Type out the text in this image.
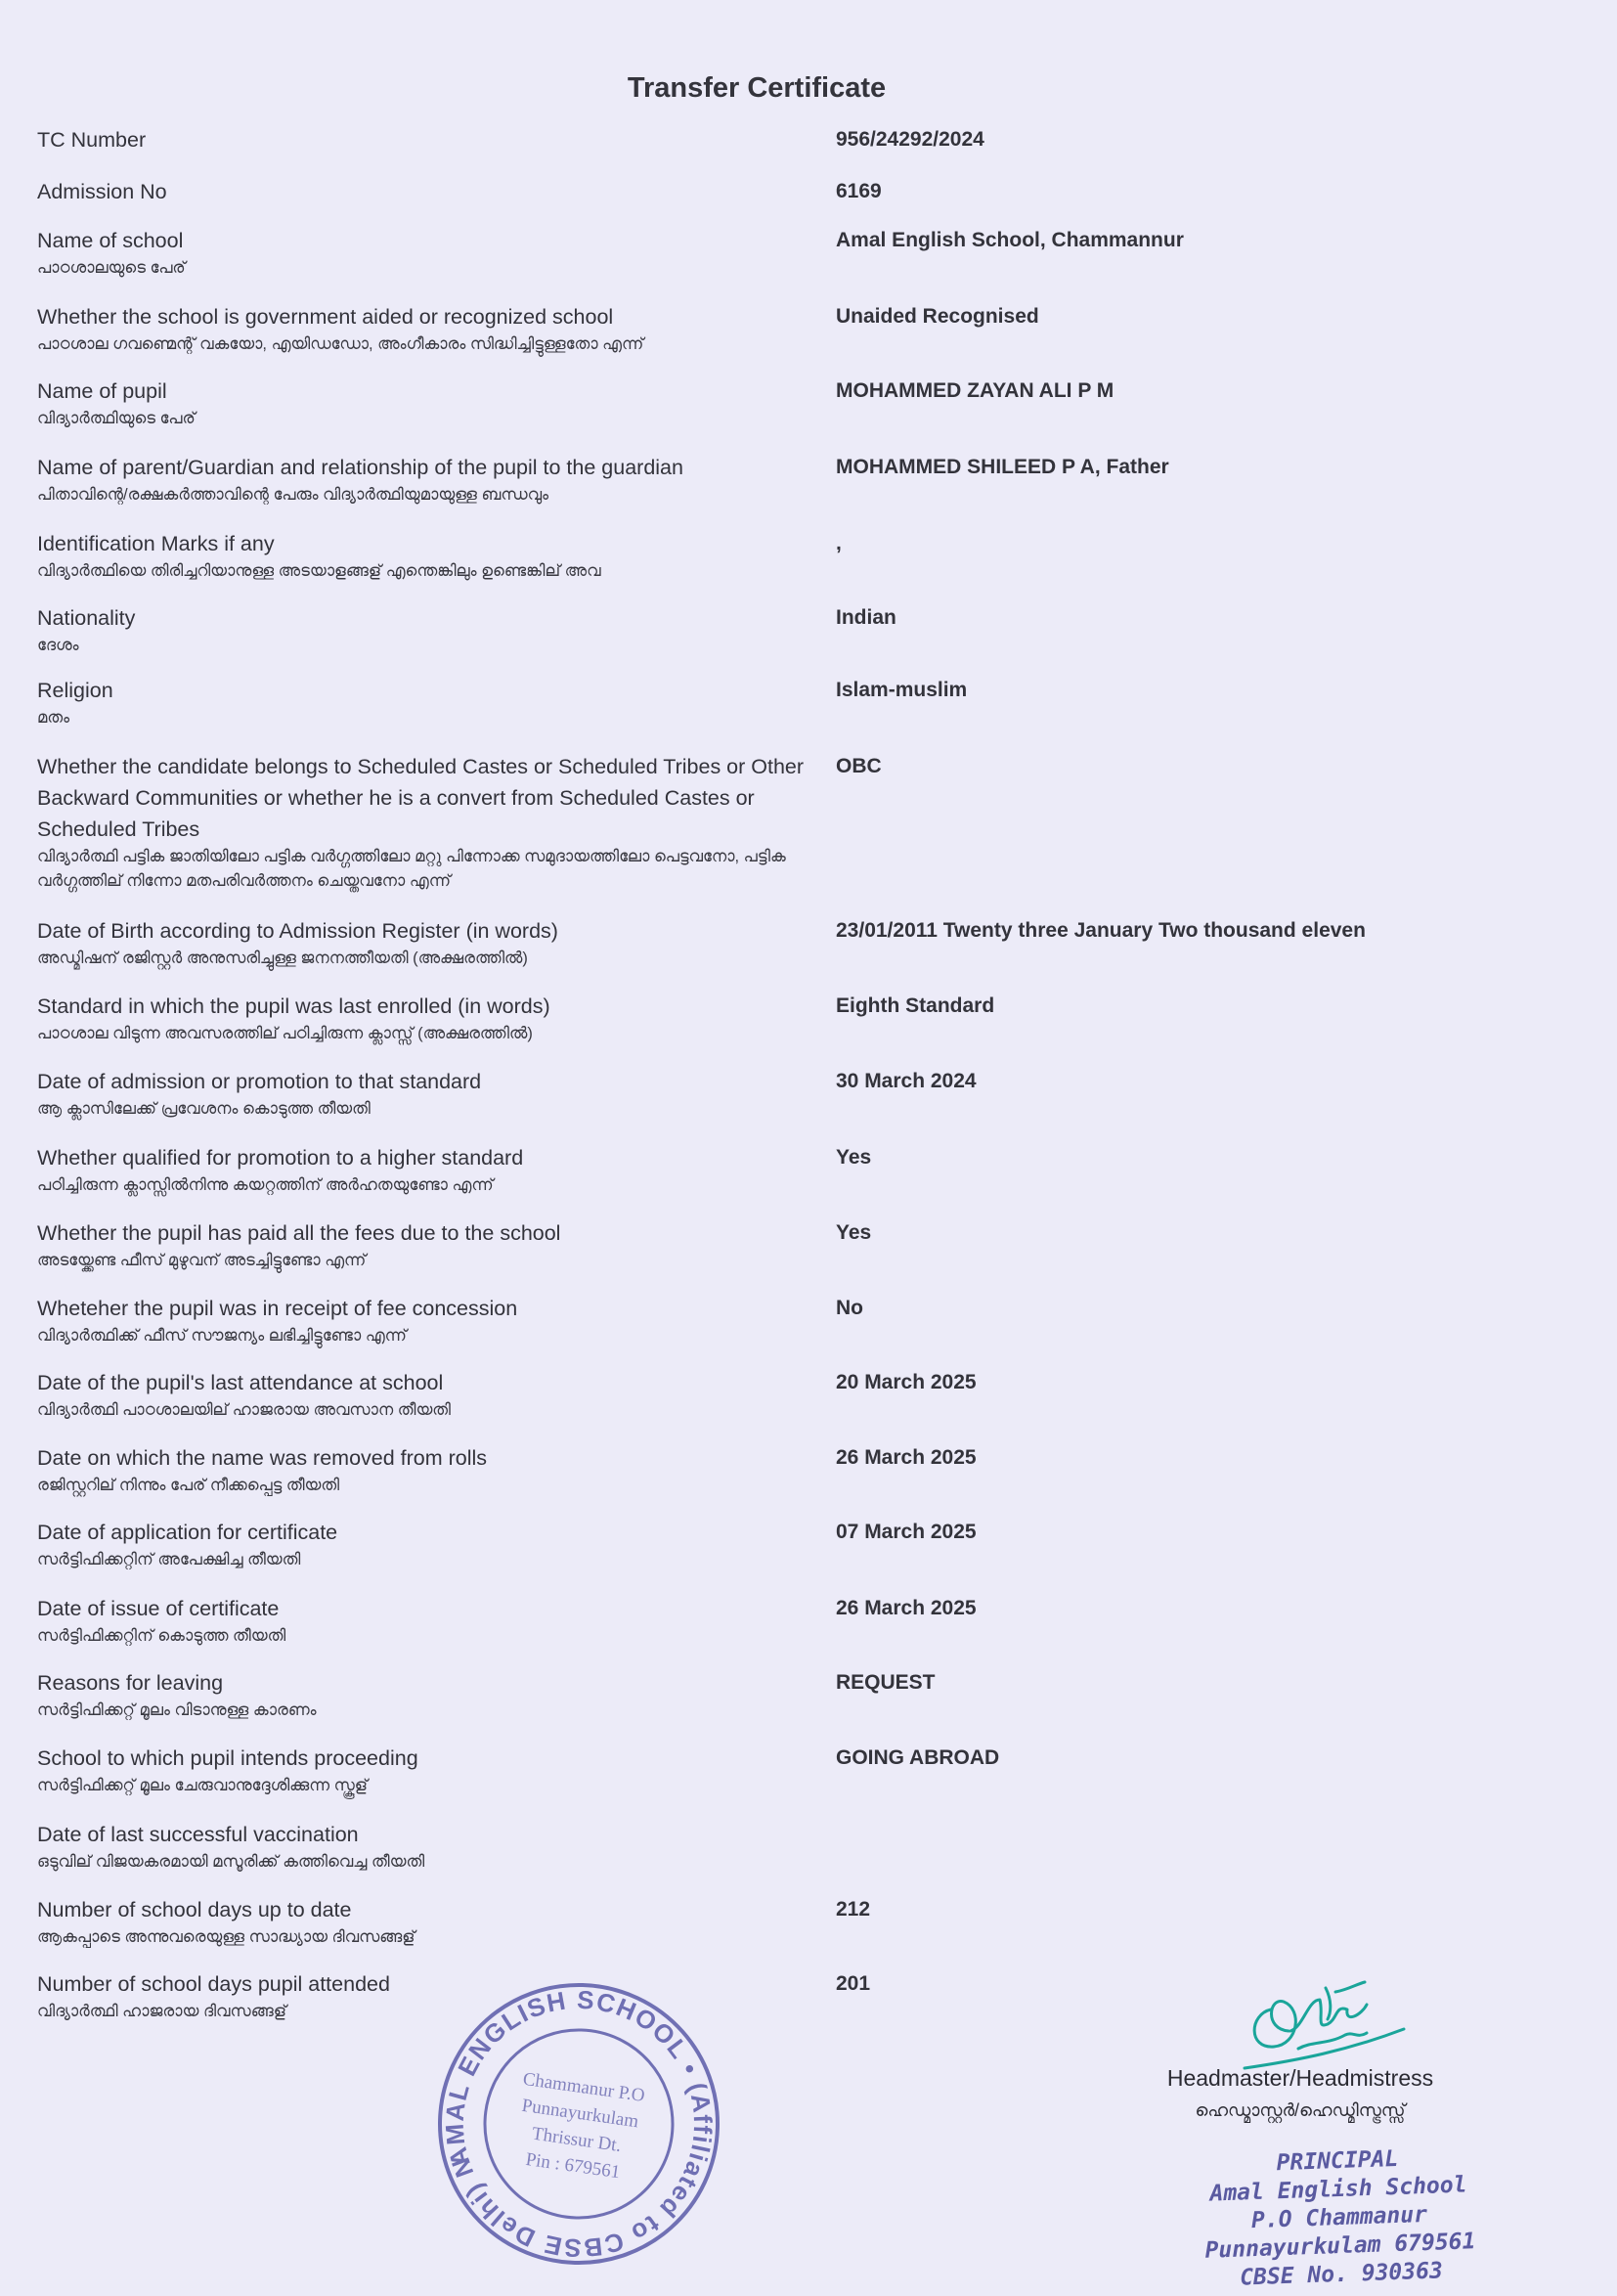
Transfer Certificate
TC Number	956/24292/2024
Admission No	6169
Name of school
പാഠശാലയുടെ പേര്
Amal English School, Chammannur
Whether the school is government aided or recognized school
പാഠശാല ഗവണ്മെന്റ് വകയോ, എയിഡഡോ, അംഗീകാരം സിദ്ധിച്ചിട്ടുള്ളതോ എന്ന്
Unaided Recognised
Name of pupil
വിദ്യാർത്ഥിയുടെ പേര്
MOHAMMED ZAYAN ALI P M
Name of parent/Guardian and relationship of the pupil to the guardian
പിതാവിന്റെ/രക്ഷകർത്താവിന്റെ പേരും വിദ്യാർത്ഥിയുമായുള്ള ബന്ധവും
MOHAMMED SHILEED P A, Father
Identification Marks if any
വിദ്യാർത്ഥിയെ തിരിച്ചറിയാനുള്ള അടയാളങ്ങള് എന്തെങ്കിലും ഉണ്ടെങ്കില് അവ
,
Nationality
ദേശം
Indian
Religion
മതം
Islam-muslim
Whether the candidate belongs to Scheduled Castes or Scheduled Tribes or Other Backward Communities or whether he is a convert from Scheduled Castes or Scheduled Tribes
വിദ്യാർത്ഥി പട്ടിക ജാതിയിലോ പട്ടിക വർഗ്ഗത്തിലോ മറ്റു പിന്നോക്ക സമുദായത്തിലോ പെട്ടവനോ, പട്ടിക വർഗ്ഗത്തില് നിന്നോ മതപരിവർത്തനം ചെയ്തവനോ എന്ന്
OBC
Date of Birth according to Admission Register (in words)
അഡ്മിഷന് രജിസ്റ്റർ അനുസരിച്ചുള്ള ജനനത്തീയതി (അക്ഷരത്തിൽ)
23/01/2011 Twenty three January Two thousand eleven
Standard in which the pupil was last enrolled (in words)
പാഠശാല വിടുന്ന അവസരത്തില് പഠിച്ചിരുന്ന ക്ലാസ്സ് (അക്ഷരത്തിൽ)
Eighth Standard
Date of admission or promotion to that standard
ആ ക്ലാസിലേക്ക് പ്രവേശനം കൊടുത്ത തീയതി
30 March 2024
Whether qualified for promotion to a higher standard
പഠിച്ചിരുന്ന ക്ലാസ്സിൽനിന്നു കയറ്റത്തിന് അർഹതയുണ്ടോ എന്ന്
Yes
Whether the pupil has paid all the fees due to the school
അടയ്ക്കേണ്ട ഫീസ് മുഴുവന് അടച്ചിട്ടുണ്ടോ എന്ന്
Yes
Wheteher the pupil was in receipt of fee concession
വിദ്യാർത്ഥിക്ക് ഫീസ് സൗജന്യം ലഭിച്ചിട്ടുണ്ടോ എന്ന്
No
Date of the pupil's last attendance at school
വിദ്യാർത്ഥി പാഠശാലയില് ഹാജരായ അവസാന തീയതി
20 March 2025
Date on which the name was removed from rolls
രജിസ്റ്ററില് നിന്നും പേര് നീക്കപ്പെട്ട തീയതി
26 March 2025
Date of application for certificate
സർട്ടിഫിക്കറ്റിന് അപേക്ഷിച്ച തീയതി
07 March 2025
Date of issue of certificate
സർട്ടിഫിക്കറ്റിന് കൊടുത്ത തീയതി
26 March 2025
Reasons for leaving
സർട്ടിഫിക്കറ്റ് മൂലം വിടാനുള്ള കാരണം
REQUEST
School to which pupil intends proceeding
സർട്ടിഫിക്കറ്റ് മൂലം ചേരുവാനുദ്ദേശിക്കുന്ന സ്കൂള്
GOING ABROAD
Date of last successful vaccination
ഒടുവില് വിജയകരമായി മസൂരിക്ക് കത്തിവെച്ച തീയതി
Number of school days up to date
ആകപ്പാടെ അന്നുവരെയുള്ള സാദ്ധ്യായ ദിവസങ്ങള്
212
Number of school days pupil attended
വിദ്യാർത്ഥി ഹാജരായ ദിവസങ്ങള്
201
AMAL ENGLISH SCHOOL • (Affiliated to CBSE Delhi) No.
Chammanur P.O
Punnayurkulam
Thrissur Dt.
Pin : 679561
Headmaster/Headmistress
ഹെഡ്മാസ്റ്റർ/ഹെഡ്മിസ്ട്രസ്സ്
PRINCIPAL
Amal English School
P.O Chammanur
Punnayurkulam 679561
CBSE No. 930363
